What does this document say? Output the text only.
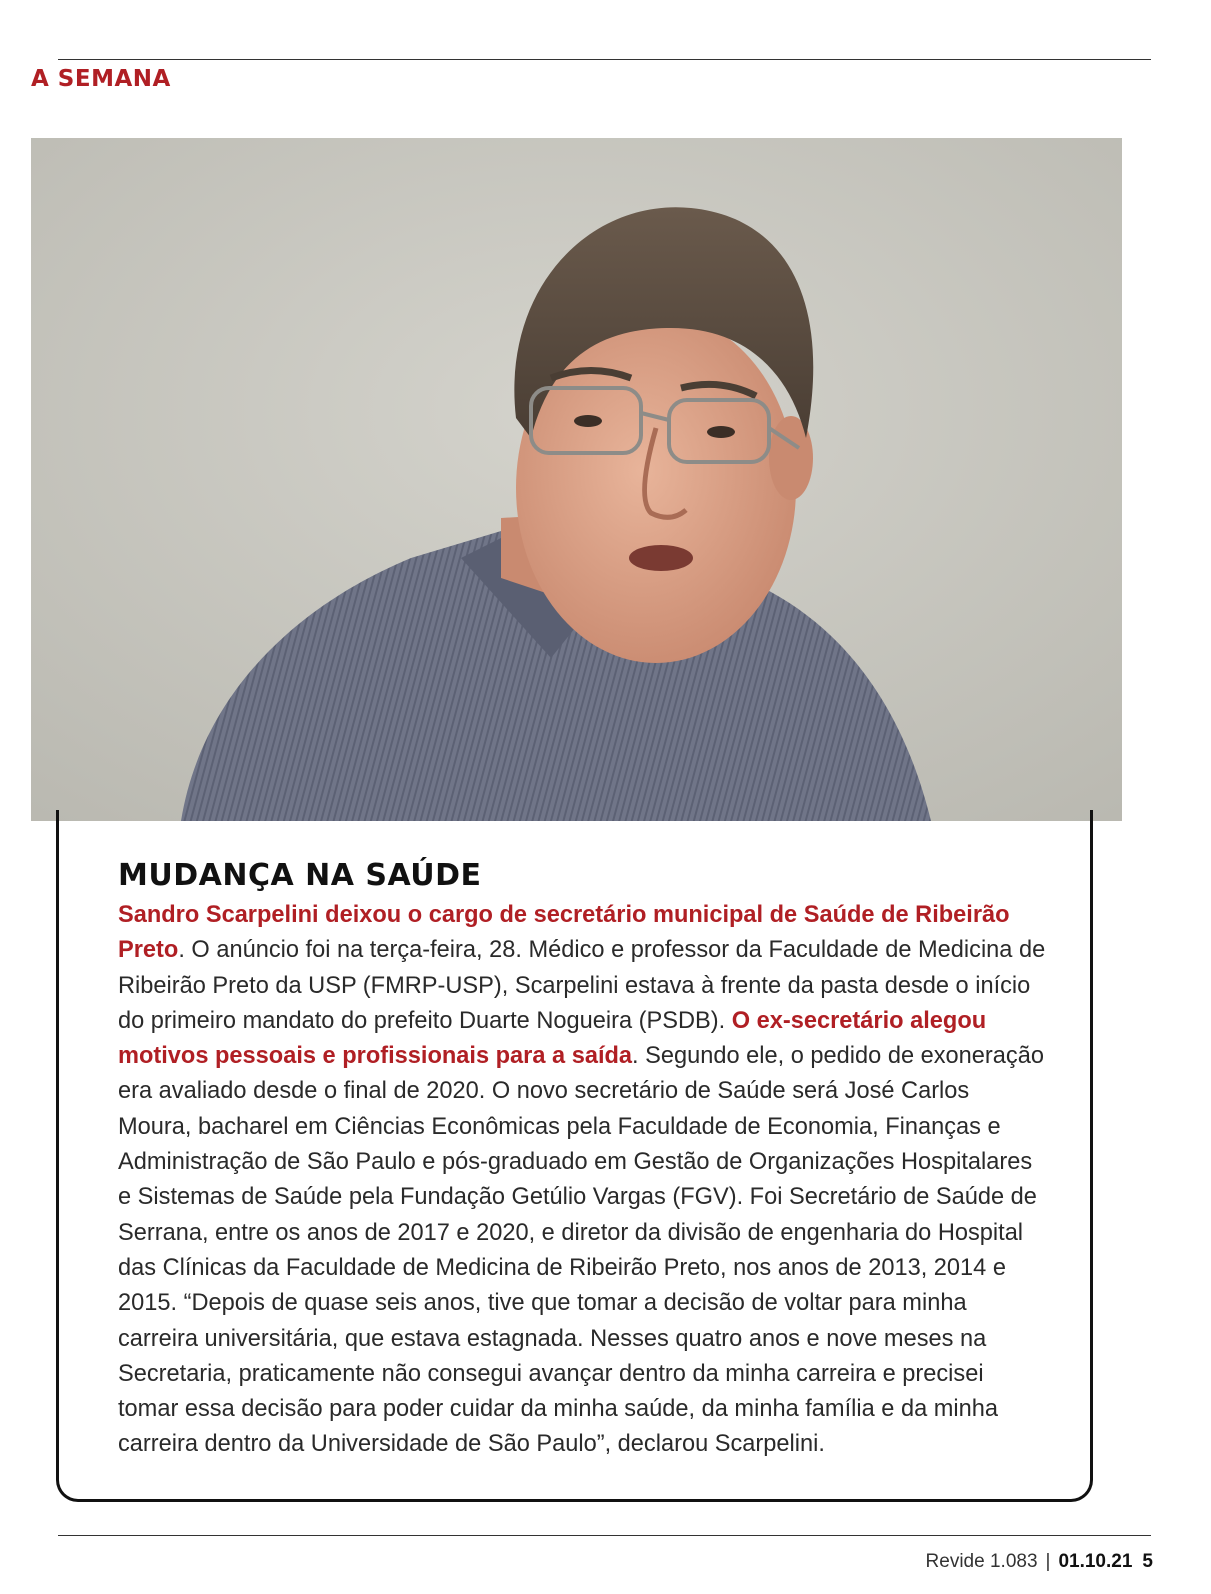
A SEMANA
MUDANÇA NA SAÚDE

Sandro Scarpelini deixou o cargo de secretário municipal de Saúde de Ribeirão Preto. O anúncio foi na terça-feira, 28. Médico e professor da Faculdade de Medicina de Ribeirão Preto da USP (FMRP-USP), Scarpelini estava à frente da pasta desde o início do primeiro mandato do prefeito Duarte Nogueira (PSDB). O ex-secretário alegou motivos pessoais e profissionais para a saída. Segundo ele, o pedido de exoneração era avaliado desde o final de 2020. O novo secretário de Saúde será José Carlos Moura, bacharel em Ciências Econômicas pela Faculdade de Economia, Finanças e Administração de São Paulo e pós-graduado em Gestão de Organizações Hospitalares e Sistemas de Saúde pela Fundação Getúlio Vargas (FGV). Foi Secretário de Saúde de Serrana, entre os anos de 2017 e 2020, e diretor da divisão de engenharia do Hospital das Clínicas da Faculdade de Medicina de Ribeirão Preto, nos anos de 2013, 2014 e 2015. “Depois de quase seis anos, tive que tomar a decisão de voltar para minha carreira universitária, que estava estagnada. Nesses quatro anos e nove meses na Secretaria, praticamente não consegui avançar dentro da minha carreira e precisei tomar essa decisão para poder cuidar da minha saúde, da minha família e da minha carreira dentro da Universidade de São Paulo”, declarou Scarpelini.

Revide 1.083 | 01.10.21 5
